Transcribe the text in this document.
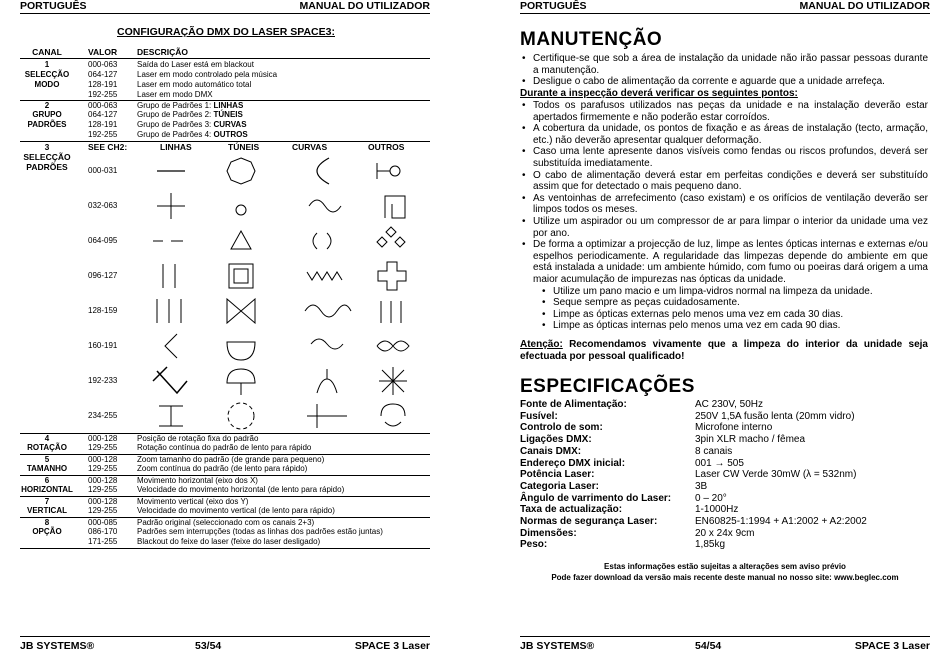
PORTUGUÊS	MANUAL DO UTILIZADOR
CONFIGURAÇÃO DMX DO LASER SPACE3:
CANAL	VALOR DESCRIÇÃO
1	000-063 Saída do Laser está em blackout
SELECÇÃO	064-127 Laser em modo controlado pela música
MODO	128-191 Laser em modo automático total
192-255 Laser em modo DMX
2	000-063 Grupo de Padrões 1: LINHAS
GRUPO	064-127 Grupo de Padrões 2: TÚNEIS
PADRÕES	128-191 Grupo de Padrões 3: CURVAS
192-255 Grupo de Padrões 4: OUTROS
3	SEE CH2:	LINHAS	TÚNEIS	CURVAS	OUTROS
SELECÇÃO
PADRÕES	000-031
032-063
064-095
096-127
128-159
160-191
192-233
234-255
4	000-128 Posição de rotação fixa do padrão
ROTAÇÃO	129-255 Rotação contínua do padrão de lento para rápido
5	000-128 Zoom tamanho do padrão (de grande para pequeno)
TAMANHO	129-255 Zoom contínua do padrão (de lento para rápido)
6	000-128 Movimento horizontal (eixo dos X)
HORIZONTAL 129-255 Velocidade do movimento horizontal (de lento para rápido)
7	000-128 Movimento vertical (eixo dos Y)
VERTICAL	129-255 Velocidade do movimento vertical (de lento para rápido)
8	000-085 Padrão original (seleccionado com os canais 2+3)
OPÇÃO	086-170 Padrões sem interrupções (todas as linhas dos padrões estão juntas)
171-255 Blackout do feixe do laser (feixe do laser desligado)
JB SYSTEMS®	53/54	SPACE 3 Laser
PORTUGUÊS	MANUAL DO UTILIZADOR
MANUTENÇÃO
• Certifique-se que sob a área de instalação da unidade não irão passar pessoas durante a manutenção.
• Desligue o cabo de alimentação da corrente e aguarde que a unidade arrefeça.
Durante a inspecção deverá verificar os seguintes pontos:
• Todos os parafusos utilizados nas peças da unidade e na instalação deverão estar apertados firmemente e não poderão estar corroídos.
• A cobertura da unidade, os pontos de fixação e as áreas de instalação (tecto, armação, etc.) não deverão apresentar qualquer deformação.
• Caso uma lente apresente danos visíveis como fendas ou riscos profundos, deverá ser substituída imediatamente.
• O cabo de alimentação deverá estar em perfeitas condições e deverá ser substituído assim que for detectado o mais pequeno dano.
• As ventoinhas de arrefecimento (caso existam) e os orifícios de ventilação deverão ser limpos todos os meses.
• Utilize um aspirador ou um compressor de ar para limpar o interior da unidade uma vez por ano.
• De forma a optimizar a projecção de luz, limpe as lentes ópticas internas e externas e/ou espelhos periodicamente. A regularidade das limpezas depende do ambiente em que está instalada a unidade: um ambiente húmido, com fumo ou poeiras dará origem a uma maior acumulação de impurezas nas ópticas da unidade.
• Utilize um pano macio e um limpa-vidros normal na limpeza da unidade.
• Seque sempre as peças cuidadosamente.
• Limpe as ópticas externas pelo menos uma vez em cada 30 dias.
• Limpe as ópticas internas pelo menos uma vez em cada 90 dias.
Atenção: Recomendamos vivamente que a limpeza do interior da unidade seja efectuada por pessoal qualificado!
ESPECIFICAÇÕES
Fonte de Alimentação:	AC 230V, 50Hz
Fusível:	250V 1,5A fusão lenta (20mm vidro)
Controlo de som:	Microfone interno
Ligações DMX:	3pin XLR macho / fêmea
Canais DMX:	8 canais
Endereço DMX inicial:	001 → 505
Potência Laser:	Laser CW Verde 30mW (λ = 532nm)
Categoria Laser:	3B
Ângulo de varrimento do Laser:	0 – 20°
Taxa de actualização:	1-1000Hz
Normas de segurança Laser:	EN60825-1:1994 + A1:2002 + A2:2002
Dimensões:	20 x 24x 9cm
Peso:	1,85kg
Estas informações estão sujeitas a alterações sem aviso prévio
Pode fazer download da versão mais recente deste manual no nosso site: www.beglec.com
JB SYSTEMS®	54/54	SPACE 3 Laser
